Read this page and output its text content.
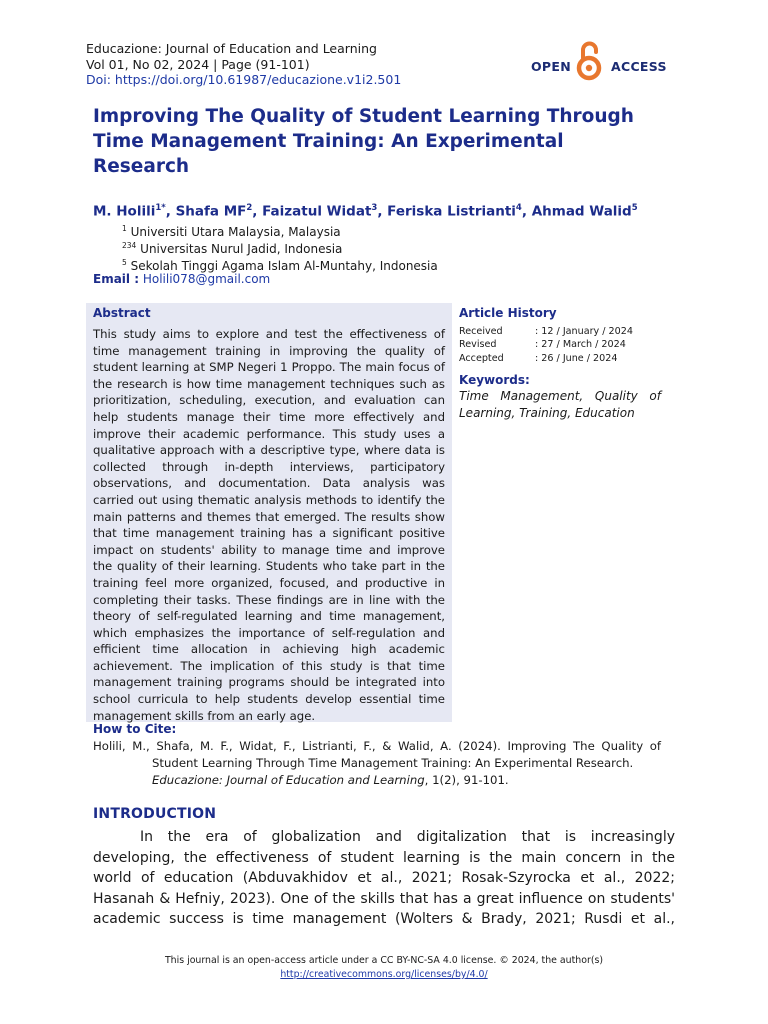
Educazione: Journal of Education and Learning
Vol 01, No 02, 2024 | Page (91-101)
Doi: https://doi.org/10.61987/educazione.v1i2.501
OPEN	ACCESS
Improving The Quality of Student Learning Through Time Management Training: An Experimental Research
M. Holili$^{1*}$, Shafa $MF^2$, Faizatul Widat$^3$, Feriska Listrianti$^4$, Ahmad Walid$^5$
$^1$ Universiti Utara Malaysia, Malaysia
$^{234}$ Universitas Nurul Jadid, Indonesia
$^5$ Sekolah Tinggi Agama Islam Al-Muntahy, Indonesia
Email : Holili078@gmail.com
Abstract
This study aims to explore and test the effectiveness of time management training in improving the quality of student learning at SMP Negeri 1 Proppo. The main focus of the research is how time management techniques such as prioritization, scheduling, execution, and evaluation can help students manage their time more effectively and improve their academic performance. This study uses a qualitative approach with a descriptive type, where data is collected through in-depth interviews, participatory observations, and documentation. Data analysis was carried out using thematic analysis methods to identify the main patterns and themes that emerged. The results show that time management training has a significant positive impact on students' ability to manage time and improve the quality of their learning. Students who take part in the training feel more organized, focused, and productive in completing their tasks. These findings are in line with the theory of self-regulated learning and time management, which emphasizes the importance of self-regulation and efficient time allocation in achieving high academic achievement. The implication of this study is that time management training programs should be integrated into school curricula to help students develop essential time management skills from an early age.
Article History
Received	: 12 / January / 2024
Revised	: 27 / March / 2024
Accepted	: 26 / June / 2024
Keywords:
Time Management, Quality of Learning, Training, Education
How to Cite:
Holili, M., Shafa, M. F., Widat, F., Listrianti, F., & Walid, A. (2024). Improving The Quality of
Student Learning Through Time Management Training: An Experimental Research.
Educazione: Journal of Education and Learning, 1(2), 91-101.
INTRODUCTION
In the era of globalization and digitalization that is increasingly
developing, the effectiveness of student learning is the main concern in the
world of education (Abduvakhidov et al., 2021; Rosak-Szyrocka et al., 2022;
Hasanah & Hefniy, 2023). One of the skills that has a great influence on students'
academic success is time management (Wolters & Brady, 2021; Rusdi et al.,
This journal is an open-access article under a CC BY-NC-SA 4.0 license. © 2024, the author(s)
http://creativecommons.org/licenses/by/4.0/
